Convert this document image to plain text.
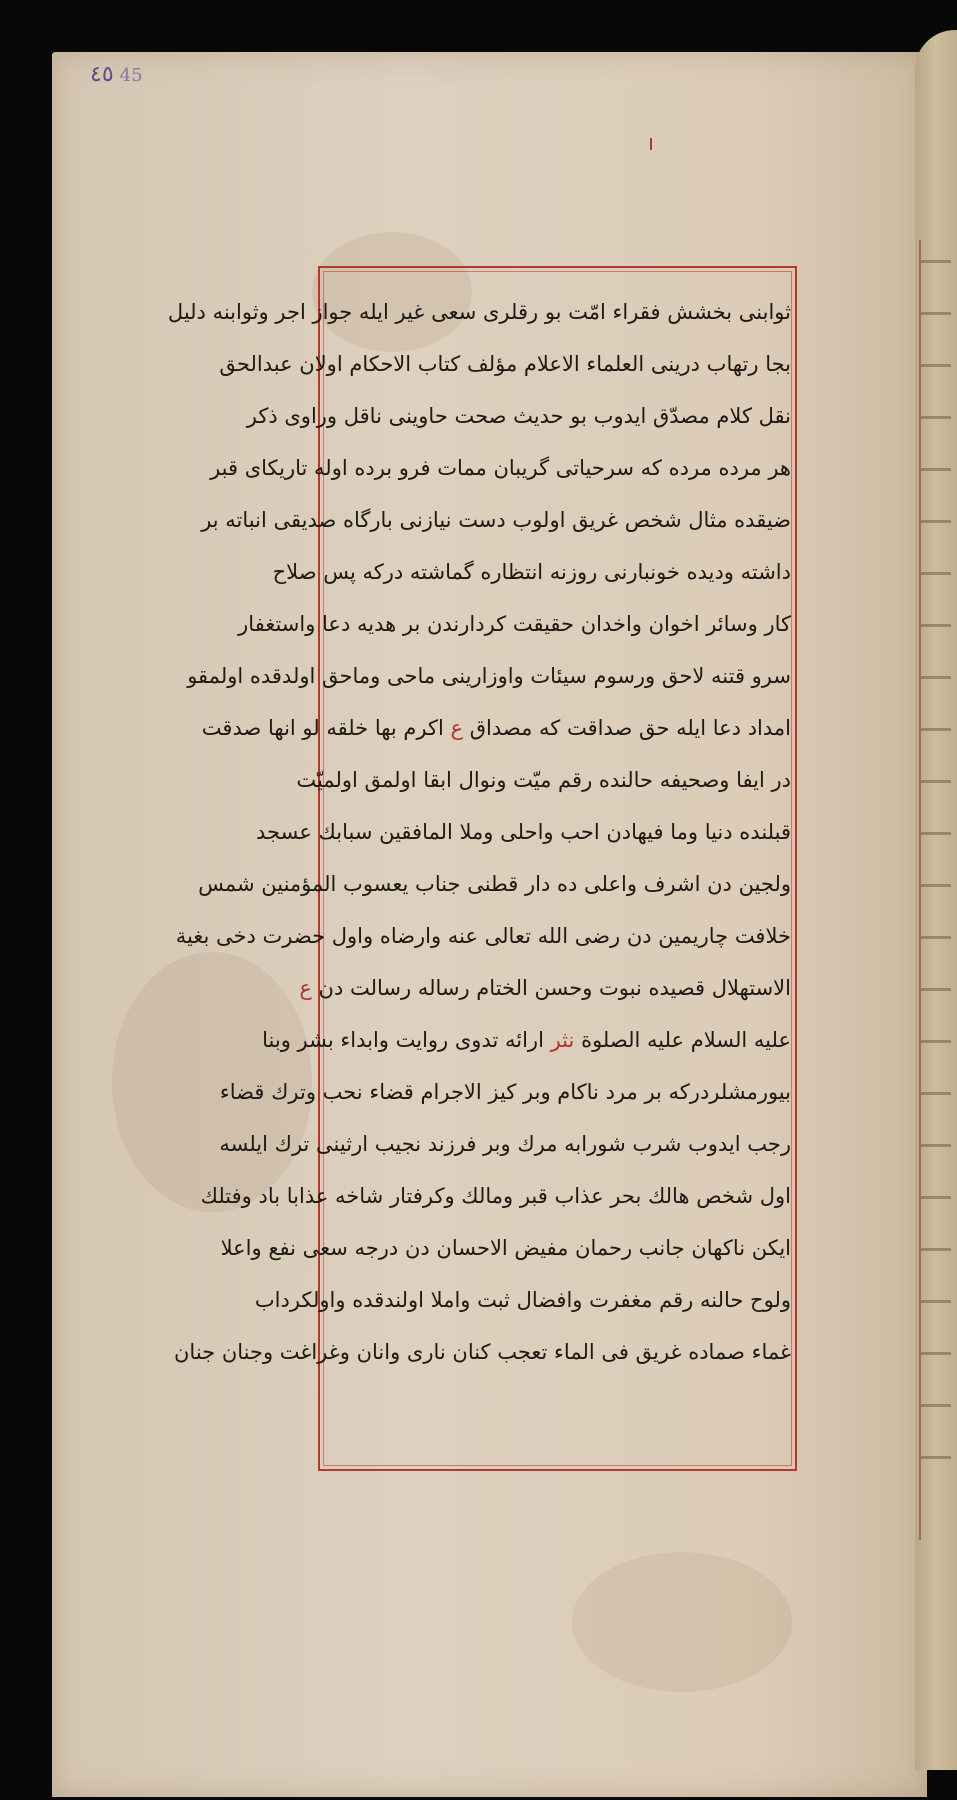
٤٥ 45
ثوابنی بخشش فقراء امّت بو رقلری سعی غیر ایله جواز اجر وثوابنه دلیل
بجا رتهاب درینی العلماء الاعلام مؤلف کتاب الاحکام اولان عبدالحق
نقل کلام مصدّق ایدوب بو حدیث صحت حاوینی ناقل وراوی ذکر
هر مرده مرده که سرحیاتی گریبان ممات فرو برده اوله تاریکای قبر
ضیقده مثال شخص غریق اولوب دست نیازنی بارگاه صدیقی انباته بر
داشته ودیده خونبارنی روزنه انتظاره گماشته درکه پس صلاح
کار وسائر اخوان واخدان حقیقت کردارندن بر هدیه دعا واستغفار
سرو قتنه لاحق ورسوم سیئات واوزارینی ماحی وماحق اولدقده اولمقو
امداد دعا ایله حق صداقت که مصداق ع اکرم بها خلقه لو انها صدقت
در ایفا وصحیفه حالنده رقم میّت ونوال ابقا اولمق اولمیّت
قبلنده دنیا وما فیهادن احب واحلی وملا المافقین سبابك عسجد
ولجین دن اشرف واعلی ده دار قطنی جناب یعسوب المؤمنین شمس
خلافت چاریمین دن رضی الله تعالی عنه وارضاه واول حضرت دخی بغیة
الاستهلال قصیده نبوت وحسن الختام رساله رسالت دن ع
علیه السلام علیه الصلوة نثر ارائه تدوی روایت وابداء بشر وبنا
بیورمشلردرکه بر مرد ناکام وبر کیز الاجرام قضاء نحب وترك قضاء
رجب ایدوب شرب شورابه مرك وبر فرزند نجیب ارثینی ترك ایلسه
اول شخص هالك بحر عذاب قبر ومالك وکرفتار شاخه عذابا باد وفتلك
ایکن ناکهان جانب رحمان مفیض الاحسان دن درجه سعی نفع واعلا
ولوح حالنه رقم مغفرت وافضال ثبت واملا اولندقده واولکرداب
غماء صماده غریق فی الماء تعجب کنان ناری وانان وغراغت وجنان جنان
